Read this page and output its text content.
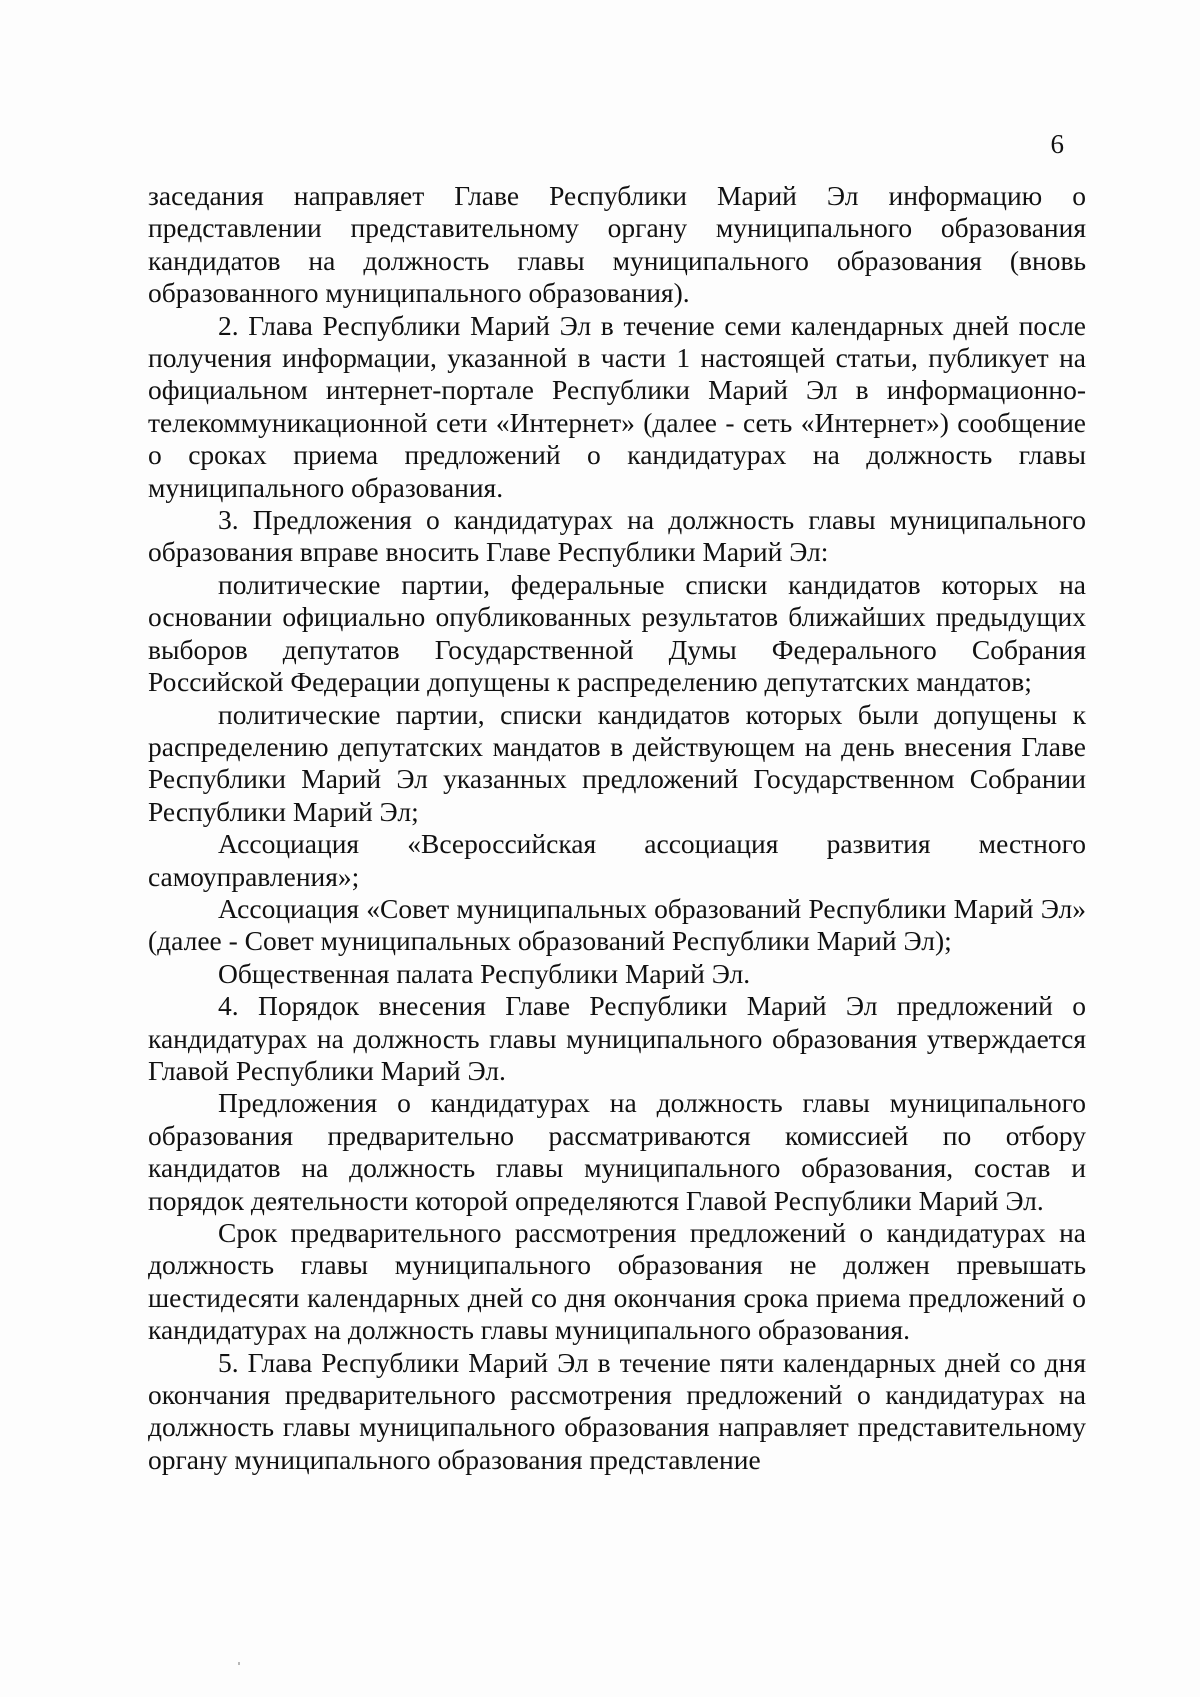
6

заседания направляет Главе Республики Марий Эл информацию о представлении представительному органу муниципального образования кандидатов на должность главы муниципального образования (вновь образованного муниципального образования).

2. Глава Республики Марий Эл в течение семи календарных дней после получения информации, указанной в части 1 настоящей статьи, публикует на официальном интернет-портале Республики Марий Эл в информационно-телекоммуникационной сети «Интернет» (далее - сеть «Интернет») сообщение о сроках приема предложений о кандидатурах на должность главы муниципального образования.

3. Предложения о кандидатурах на должность главы муниципального образования вправе вносить Главе Республики Марий Эл:

политические партии, федеральные списки кандидатов которых на основании официально опубликованных результатов ближайших предыдущих выборов депутатов Государственной Думы Федерального Собрания Российской Федерации допущены к распределению депутатских мандатов;

политические партии, списки кандидатов которых были допущены к распределению депутатских мандатов в действующем на день внесения Главе Республики Марий Эл указанных предложений Государственном Собрании Республики Марий Эл;

Ассоциация «Всероссийская ассоциация развития местного самоуправления»;

Ассоциация «Совет муниципальных образований Республики Марий Эл» (далее - Совет муниципальных образований Республики Марий Эл);

Общественная палата Республики Марий Эл.

4. Порядок внесения Главе Республики Марий Эл предложений о кандидатурах на должность главы муниципального образования утверждается Главой Республики Марий Эл.

Предложения о кандидатурах на должность главы муниципального образования предварительно рассматриваются комиссией по отбору кандидатов на должность главы муниципального образования, состав и порядок деятельности которой определяются Главой Республики Марий Эл.

Срок предварительного рассмотрения предложений о кандидатурах на должность главы муниципального образования не должен превышать шестидесяти календарных дней со дня окончания срока приема предложений о кандидатурах на должность главы муниципального образования.

5. Глава Республики Марий Эл в течение пяти календарных дней со дня окончания предварительного рассмотрения предложений о кандидатурах на должность главы муниципального образования направляет представительному органу муниципального образования представление
